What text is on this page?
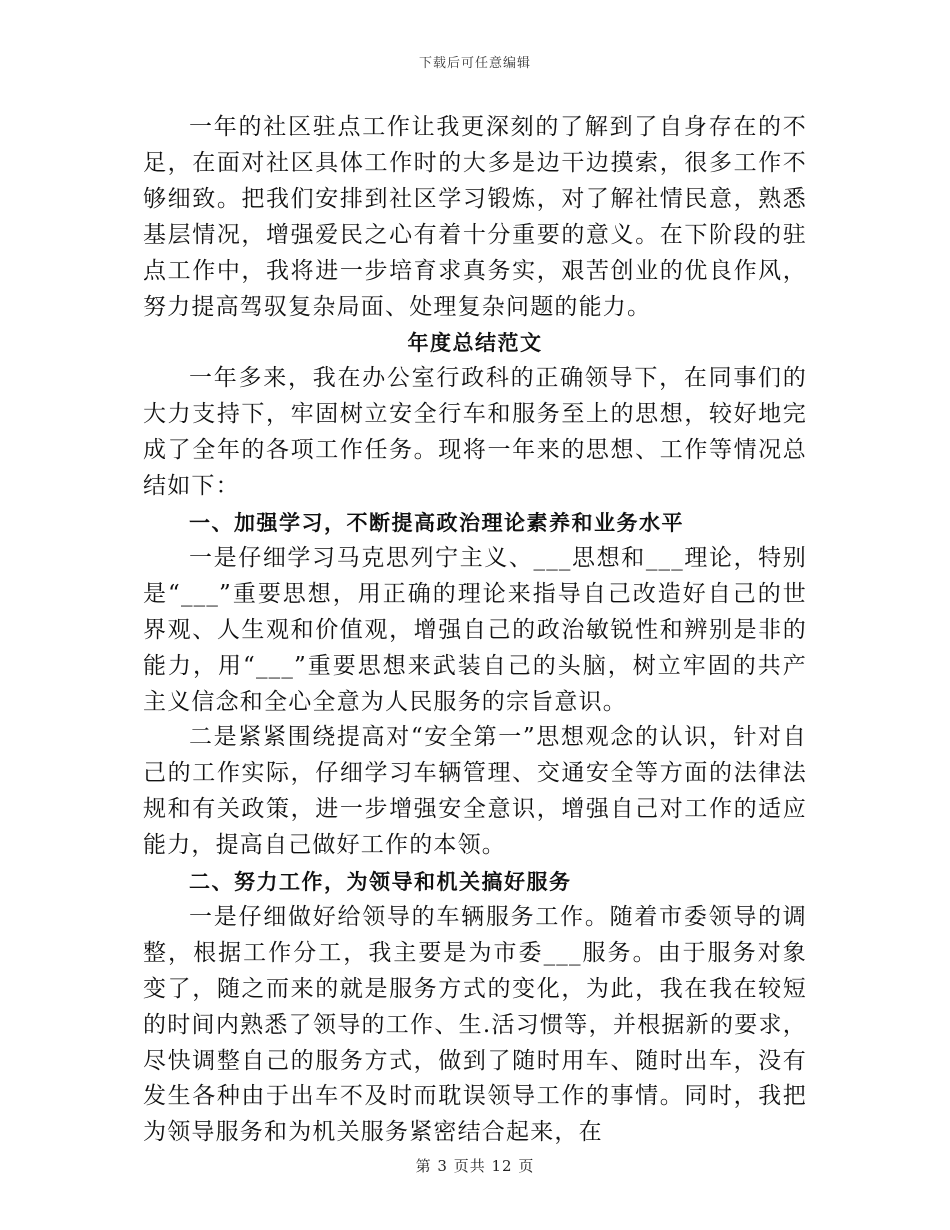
下载后可任意编辑

一年的社区驻点工作让我更深刻的了解到了自身存在的不足，在面对社区具体工作时的大多是边干边摸索，很多工作不够细致。把我们安排到社区学习锻炼，对了解社情民意，熟悉基层情况，增强爱民之心有着十分重要的意义。在下阶段的驻点工作中，我将进一步培育求真务实，艰苦创业的优良作风，努力提高驾驭复杂局面、处理复杂问题的能力。

年度总结范文

一年多来，我在办公室行政科的正确领导下，在同事们的大力支持下，牢固树立安全行车和服务至上的思想，较好地完成了全年的各项工作任务。现将一年来的思想、工作等情况总结如下：

一、加强学习，不断提高政治理论素养和业务水平

一是仔细学习马克思列宁主义、___思想和___理论，特别是“___”重要思想，用正确的理论来指导自己改造好自己的世界观、人生观和价值观，增强自己的政治敏锐性和辨别是非的能力，用“___”重要思想来武装自己的头脑，树立牢固的共产主义信念和全心全意为人民服务的宗旨意识。

二是紧紧围绕提高对“安全第一”思想观念的认识，针对自己的工作实际，仔细学习车辆管理、交通安全等方面的法律法规和有关政策，进一步增强安全意识，增强自己对工作的适应能力，提高自己做好工作的本领。

二、努力工作，为领导和机关搞好服务

一是仔细做好给领导的车辆服务工作。随着市委领导的调整，根据工作分工，我主要是为市委___服务。由于服务对象变了，随之而来的就是服务方式的变化，为此，我在我在较短的时间内熟悉了领导的工作、生.活习惯等，并根据新的要求，尽快调整自己的服务方式，做到了随时用车、随时出车，没有发生各种由于出车不及时而耽误领导工作的事情。同时，我把为领导服务和为机关服务紧密结合起来，在

第 3 页共 12 页
